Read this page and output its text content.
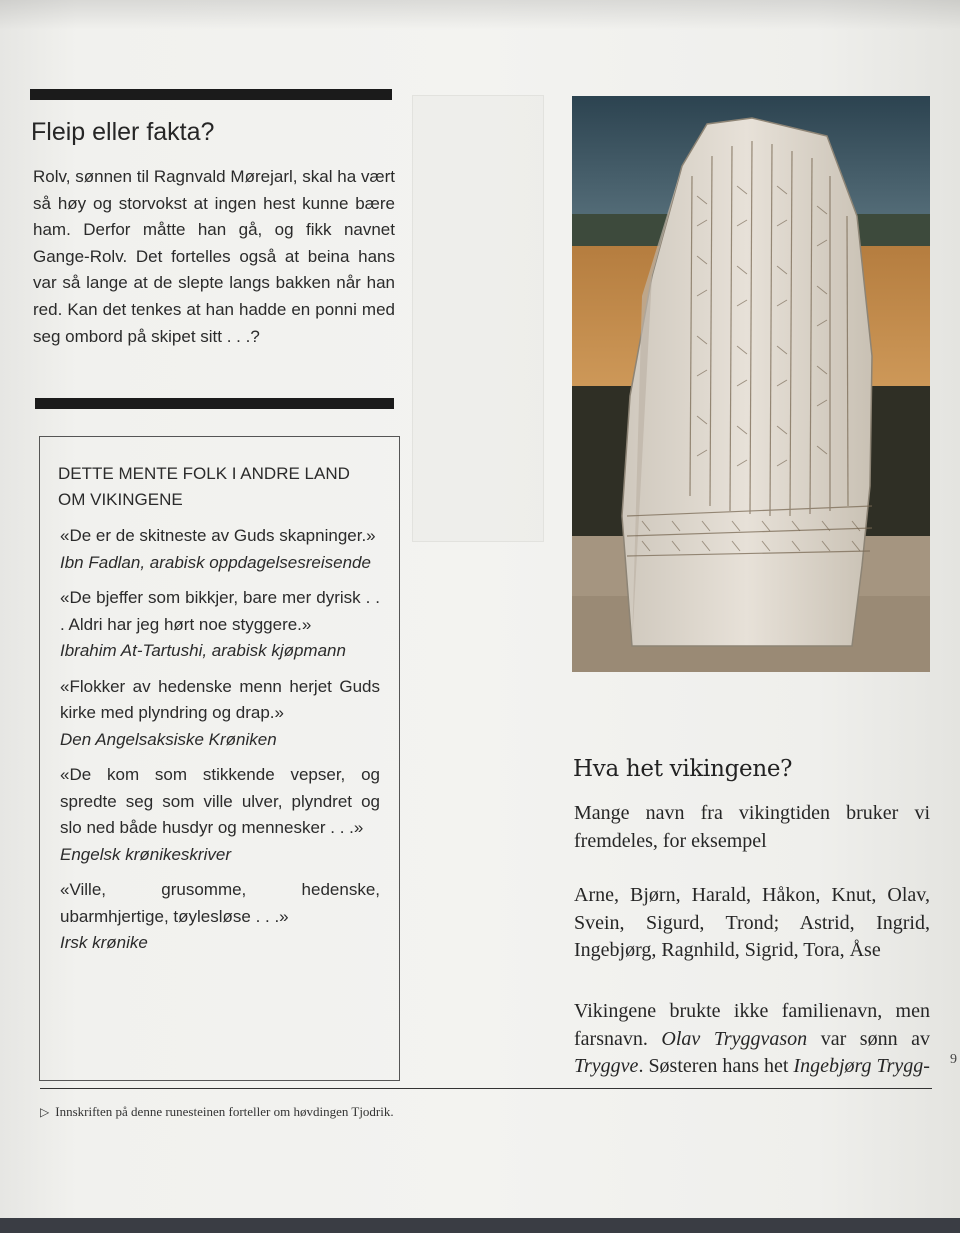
Fleip eller fakta?
Rolv, sønnen til Ragnvald Mørejarl, skal ha vært så høy og storvokst at ingen hest kunne bære ham. Derfor måtte han gå, og fikk navnet Gange-Rolv. Det fortelles også at beina hans var så lange at de slepte langs bakken når han red. Kan det tenkes at han hadde en ponni med seg ombord på skipet sitt . . .?
DETTE MENTE FOLK I ANDRE LAND OM VIKINGENE
«De er de skitneste av Guds skapninger.»
Ibn Fadlan, arabisk oppdagelsesreisende
«De bjeffer som bikkjer, bare mer dyrisk . . . Aldri har jeg hørt noe styggere.»
Ibrahim At-Tartushi, arabisk kjøpmann
«Flokker av hedenske menn herjet Guds kirke med plyndring og drap.»
Den Angelsaksiske Krøniken
«De kom som stikkende vepser, og spredte seg som ville ulver, plyndret og slo ned både husdyr og mennesker . . .»
Engelsk krønikeskriver
«Ville, grusomme, hedenske, ubarmhjertige, tøylesløse . . .»
Irsk krønike
Hva het vikingene?
Mange navn fra vikingtiden bruker vi fremdeles, for eksempel
Arne, Bjørn, Harald, Håkon, Knut, Olav, Svein, Sigurd, Trond; Astrid, Ingrid, Ingebjørg, Ragnhild, Sigrid, Tora, Åse
Vikingene brukte ikke familienavn, men farsnavn. Olav Tryggvason var sønn av Tryggve. Søsteren hans het Ingebjørg Trygg- 9
▷ Innskriften på denne runesteinen forteller om høvdingen Tjodrik.
